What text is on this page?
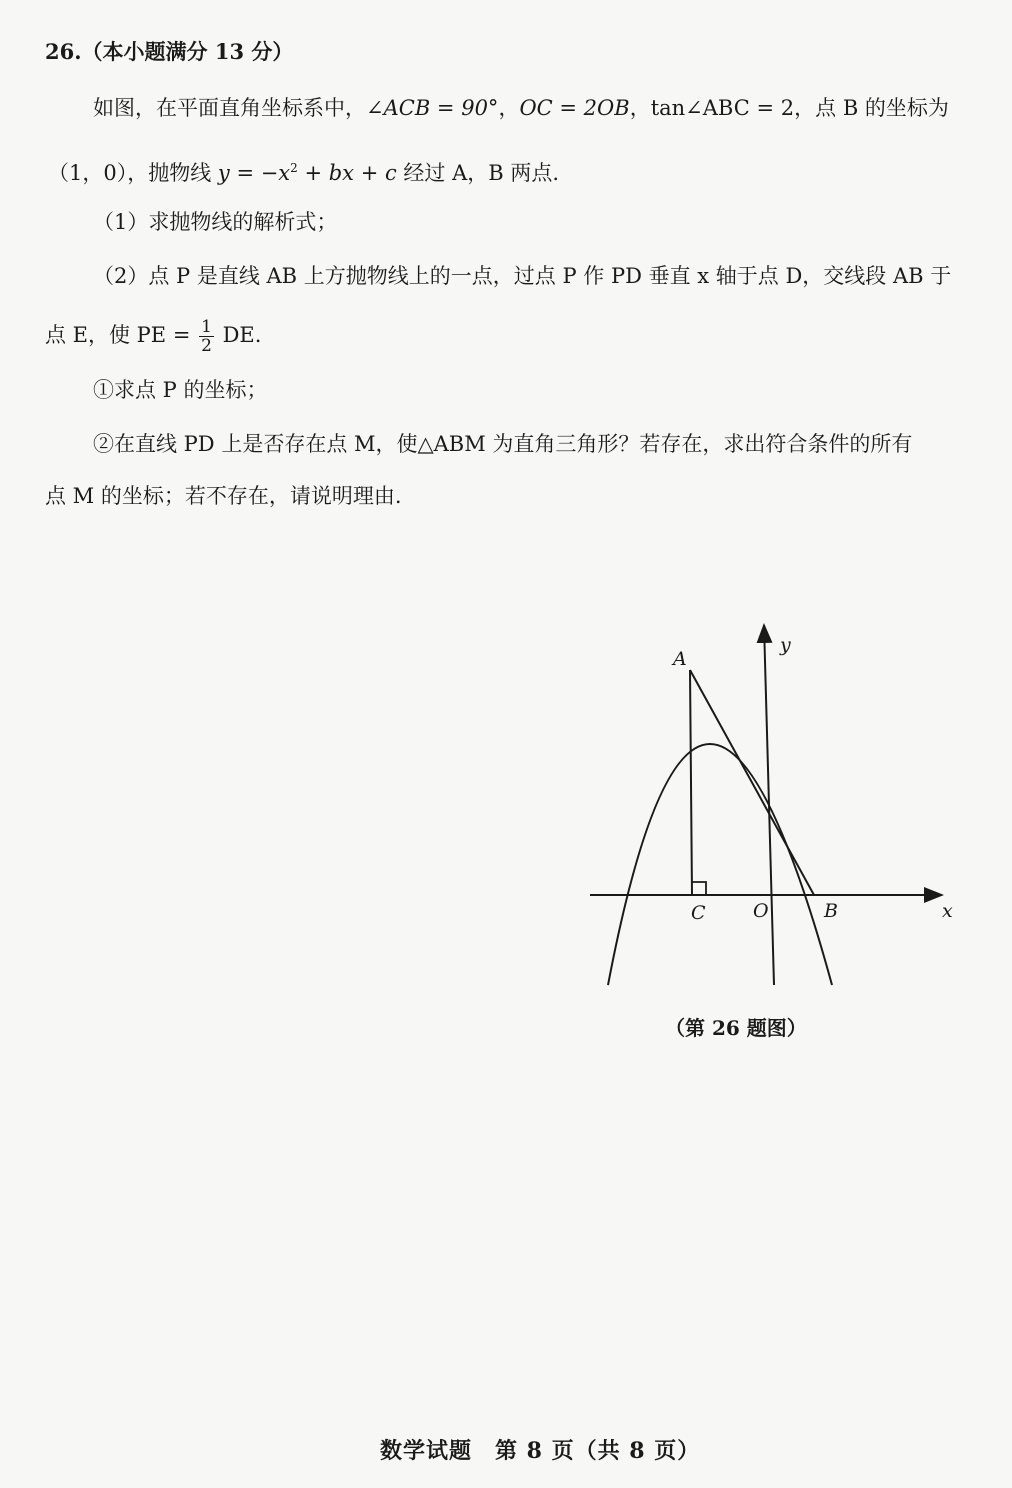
26.（本小题满分 13 分）
如图，在平面直角坐标系中，∠ACB = 90°，OC = 2OB，tan∠ABC = 2，点 B 的坐标为
（1，0），抛物线 $y = -x^2$ + bx + c 经过 A，B 两点.
（1）求抛物线的解析式；
（2）点 P 是直线 AB 上方抛物线上的一点，过点 P 作 PD 垂直 x 轴于点 D，交线段 AB 于
点 E，使 PE = $\frac{1}{2}$ DE.
①求点 P 的坐标；
②在直线 PD 上是否存在点 M，使△ABM 为直角三角形？若存在，求出符合条件的所有
点 M 的坐标；若不存在，请说明理由.
A
y
C O	B	x
（第 26 题图）
数学试题　第 8 页（共 8 页）
